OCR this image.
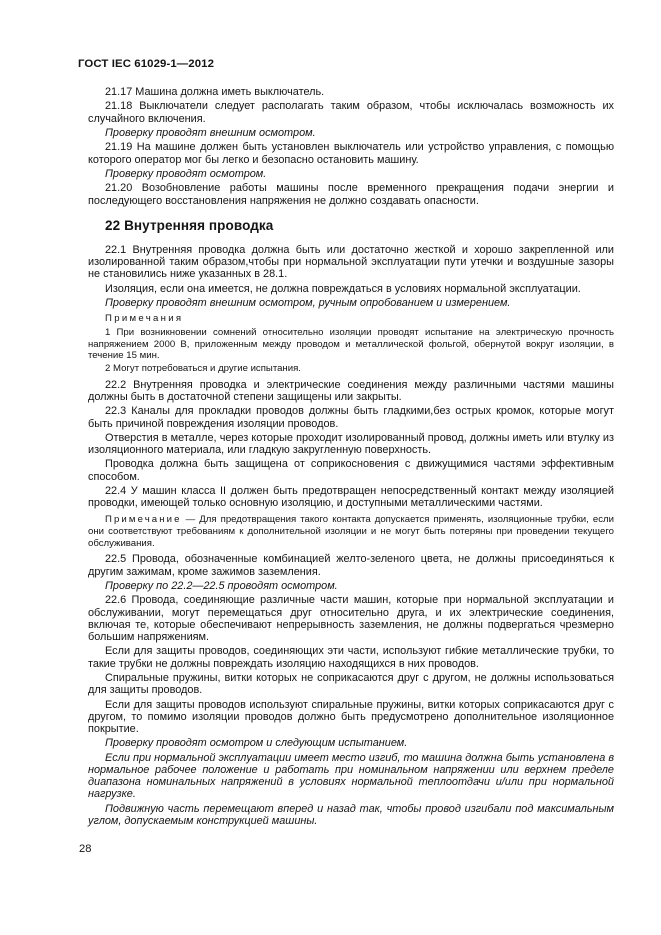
ГОСТ IEC 61029-1—2012

21.17 Машина должна иметь выключатель.

21.18 Выключатели следует располагать таким образом, чтобы исключалась возможность их случайного включения.

Проверку проводят внешним осмотром.

21.19 На машине должен быть установлен выключатель или устройство управления, с помощью которого оператор мог бы легко и безопасно остановить машину.

Проверку проводят осмотром.

21.20 Возобновление работы машины после временного прекращения подачи энергии и последующего восстановления напряжения не должно создавать опасности.

22 Внутренняя проводка

22.1 Внутренняя проводка должна быть или достаточно жесткой и хорошо закрепленной или изолированной таким образом,чтобы при нормальной эксплуатации пути утечки и воздушные зазоры не становились ниже указанных в 28.1.

Изоляция, если она имеется, не должна повреждаться в условиях нормальной эксплуатации.

Проверку проводят внешним осмотром, ручным опробованием и измерением.

Примечания

1 При возникновении сомнений относительно изоляции проводят испытание на электрическую прочность напряжением 2000 В, приложенным между проводом и металлической фольгой, обернутой вокруг изоляции, в течение 15 мин.

2 Могут потребоваться и другие испытания.

22.2 Внутренняя проводка и электрические соединения между различными частями машины должны быть в достаточной степени защищены или закрыты.

22.3 Каналы для прокладки проводов должны быть гладкими,без острых кромок, которые могут быть причиной повреждения изоляции проводов.

Отверстия в металле, через которые проходит изолированный провод, должны иметь или втулку из изоляционного материала, или гладкую закругленную поверхность.

Проводка должна быть защищена от соприкосновения с движущимися частями эффективным способом.

22.4 У машин класса II должен быть предотвращен непосредственный контакт между изоляцией проводки, имеющей только основную изоляцию, и доступными металлическими частями.

Примечание — Для предотвращения такого контакта допускается применять, изоляционные трубки, если они соответствуют требованиям к дополнительной изоляции и не могут быть потеряны при проведении текущего обслуживания.

22.5 Провода, обозначенные комбинацией желто-зеленого цвета, не должны присоединяться к другим зажимам, кроме зажимов заземления.

Проверку по 22.2—22.5 проводят осмотром.

22.6 Провода, соединяющие различные части машин, которые при нормальной эксплуатации и обслуживании, могут перемещаться друг относительно друга, и их электрические соединения, включая те, которые обеспечивают непрерывность заземления, не должны подвергаться чрезмерно большим напряжениям.

Если для защиты проводов, соединяющих эти части, используют гибкие металлические трубки, то такие трубки не должны повреждать изоляцию находящихся в них проводов.

Спиральные пружины, витки которых не соприкасаются друг с другом, не должны использоваться для защиты проводов.

Если для защиты проводов используют спиральные пружины, витки которых соприкасаются друг с другом, то помимо изоляции проводов должно быть предусмотрено дополнительное изоляционное покрытие.

Проверку проводят осмотром и следующим испытанием.

Если при нормальной эксплуатации имеет место изгиб, то машина должна быть установлена в нормальное рабочее положение и работать при номинальном напряжении или верхнем пределе диапазона номинальных напряжений в условиях нормальной теплоотдачи и/или при нормальной нагрузке.

Подвижную часть перемещают вперед и назад так, чтобы провод изгибали под максимальным углом, допускаемым конструкцией машины.

28
